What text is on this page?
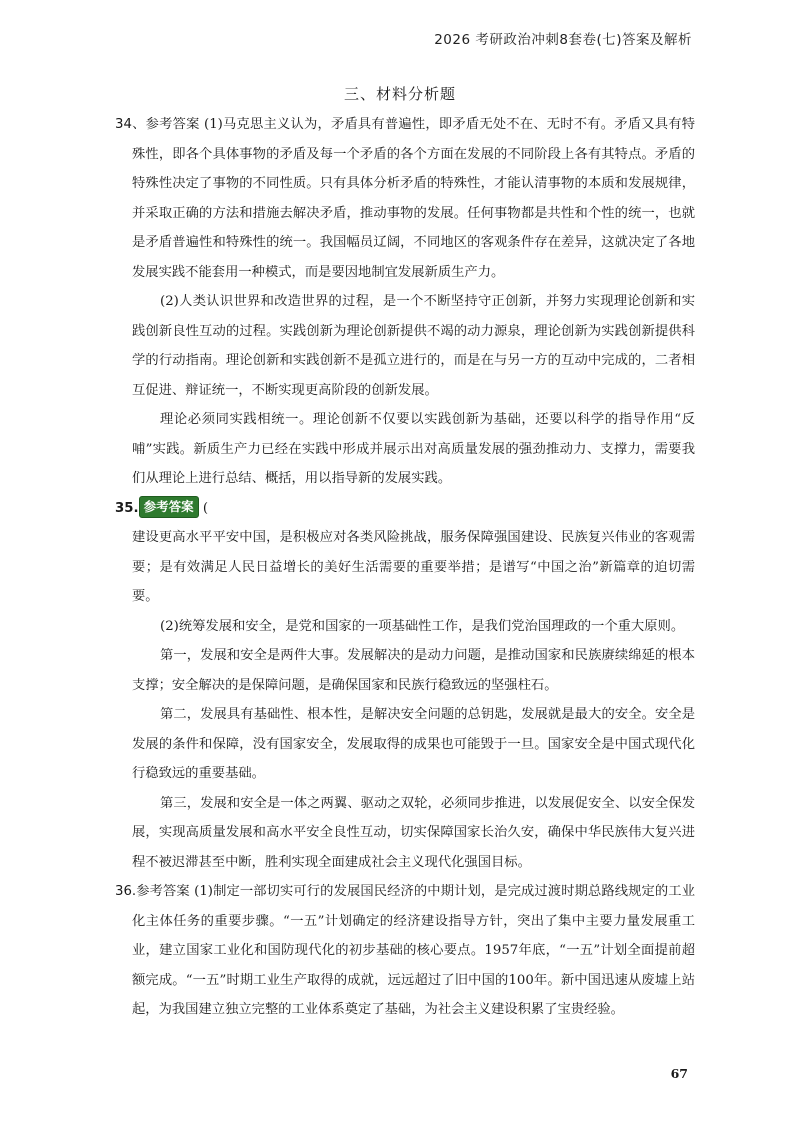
2026 考研政治冲刺8套卷(七)答案及解析
三、材料分析题

34、参考答案 (1)马克思主义认为，矛盾具有普遍性，即矛盾无处不在、无时不有。矛盾又具有特殊性，即各个具体事物的矛盾及每一个矛盾的各个方面在发展的不同阶段上各有其特点。矛盾的特殊性决定了事物的不同性质。只有具体分析矛盾的特殊性，才能认清事物的本质和发展规律，并采取正确的方法和措施去解决矛盾，推动事物的发展。任何事物都是共性和个性的统一，也就是矛盾普遍性和特殊性的统一。我国幅员辽阔，不同地区的客观条件存在差异，这就决定了各地发展实践不能套用一种模式，而是要因地制宜发展新质生产力。

(2)人类认识世界和改造世界的过程，是一个不断坚持守正创新，并努力实现理论创新和实践创新良性互动的过程。实践创新为理论创新提供不竭的动力源泉，理论创新为实践创新提供科学的行动指南。理论创新和实践创新不是孤立进行的，而是在与另一方的互动中完成的，二者相互促进、辩证统一，不断实现更高阶段的创新发展。

理论必须同实践相统一。理论创新不仅要以实践创新为基础，还要以科学的指导作用“反哺”实践。新质生产力已经在实践中形成并展示出对高质量发展的强劲推动力、支撑力，需要我们从理论上进行总结、概括，用以指导新的发展实践。

35. 参考答案 (

建设更高水平平安中国，是积极应对各类风险挑战，服务保障强国建设、民族复兴伟业的客观需要；是有效满足人民日益增长的美好生活需要的重要举措；是谱写“中国之治”新篇章的迫切需要。

(2)统筹发展和安全，是党和国家的一项基础性工作，是我们党治国理政的一个重大原则。

第一，发展和安全是两件大事。发展解决的是动力问题，是推动国家和民族赓续绵延的根本支撑；安全解决的是保障问题，是确保国家和民族行稳致远的坚强柱石。

第二，发展具有基础性、根本性，是解决安全问题的总钥匙，发展就是最大的安全。安全是发展的条件和保障，没有国家安全，发展取得的成果也可能毁于一旦。国家安全是中国式现代化行稳致远的重要基础。

第三，发展和安全是一体之两翼、驱动之双轮，必须同步推进，以发展促安全、以安全保发展，实现高质量发展和高水平安全良性互动，切实保障国家长治久安，确保中华民族伟大复兴进程不被迟滞甚至中断，胜利实现全面建成社会主义现代化强国目标。

36.参考答案 (1)制定一部切实可行的发展国民经济的中期计划，是完成过渡时期总路线规定的工业化主体任务的重要步骤。“一五”计划确定的经济建设指导方针，突出了集中主要力量发展重工业，建立国家工业化和国防现代化的初步基础的核心要点。1957年底，“一五”计划全面提前超额完成。“一五”时期工业生产取得的成就，远远超过了旧中国的100年。新中国迅速从废墟上站起，为我国建立独立完整的工业体系奠定了基础，为社会主义建设积累了宝贵经验。

67
